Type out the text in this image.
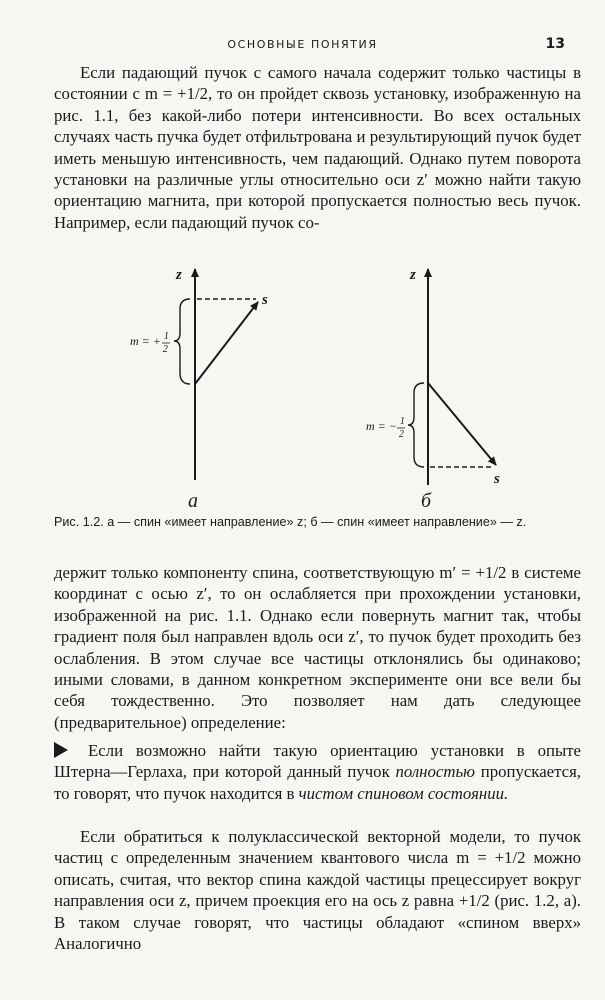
ОСНОВНЫЕ ПОНЯТИЯ	13

Если падающий пучок с самого начала содержит только частицы в состоянии с m = +1/2, то он пройдет сквозь установку, изображенную на рис. 1.1, без какой-либо потери интенсивности. Во всех остальных случаях часть пучка будет отфильтрована и результирующий пучок будет иметь меньшую интенсивность, чем падающий. Однако путем поворота установки на различные углы относительно оси z′ можно найти такую ориентацию магнита, при которой пропускается полностью весь пучок. Например, если падающий пучок со-

z
s
m = + $^1$ 2
а
z
s
m = − $^1$ 2
б
Рис. 1.2. а — спин «имеет направление» z; б — спин «имеет направление» — z.

держит только компоненту спина, соответствующую m′ = +1/2 в системе координат с осью z′, то он ослабляется при прохождении установки, изображенной на рис. 1.1. Однако если повернуть магнит так, чтобы градиент поля был направлен вдоль оси z′, то пучок будет проходить без ослабления. В этом случае все частицы отклонялись бы одинаково; иными словами, в данном конкретном эксперименте они все вели бы себя тождественно. Это позволяет нам дать следующее (предварительное) определение:

Если возможно найти такую ориентацию установки в опыте Штерна—Герлаха, при которой данный пучок полностью пропускается, то говорят, что пучок находится в чистом спиновом состоянии.

Если обратиться к полуклассической векторной модели, то пучок частиц с определенным значением квантового числа m = +1/2 можно описать, считая, что вектор спина каждой частицы прецессирует вокруг направления оси z, причем проекция его на ось z равна +1/2 (рис. 1.2, a). В таком случае говорят, что частицы обладают «спином вверх» Аналогично
